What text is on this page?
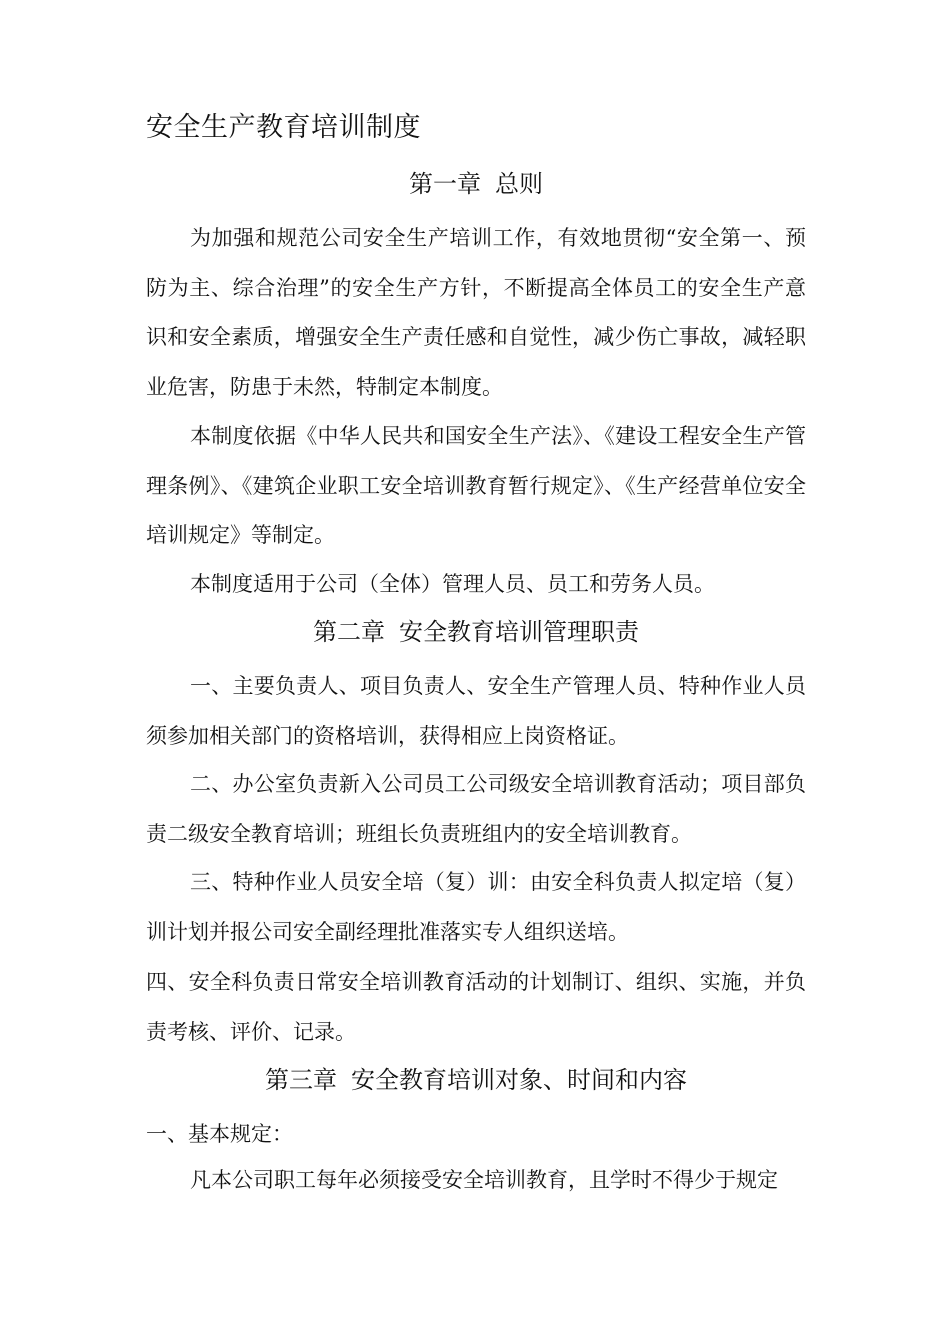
安全生产教育培训制度
第一章 总则

为加强和规范公司安全生产培训工作，有效地贯彻“安全第一、预防为主、综合治理”的安全生产方针，不断提高全体员工的安全生产意识和安全素质，增强安全生产责任感和自觉性，减少伤亡事故，减轻职业危害，防患于未然，特制定本制度。

本制度依据《中华人民共和国安全生产法》、《建设工程安全生产管理条例》、《建筑企业职工安全培训教育暂行规定》、《生产经营单位安全培训规定》等制定。

本制度适用于公司（全体）管理人员、员工和劳务人员。

第二章 安全教育培训管理职责

一、主要负责人、项目负责人、安全生产管理人员、特种作业人员须参加相关部门的资格培训，获得相应上岗资格证。

二、办公室负责新入公司员工公司级安全培训教育活动；项目部负责二级安全教育培训；班组长负责班组内的安全培训教育。

三、特种作业人员安全培（复）训：由安全科负责人拟定培（复）训计划并报公司安全副经理批准落实专人组织送培。

四、安全科负责日常安全培训教育活动的计划制订、组织、实施，并负责考核、评价、记录。

第三章 安全教育培训对象、时间和内容
一、基本规定：

凡本公司职工每年必须接受安全培训教育，且学时不得少于规定
